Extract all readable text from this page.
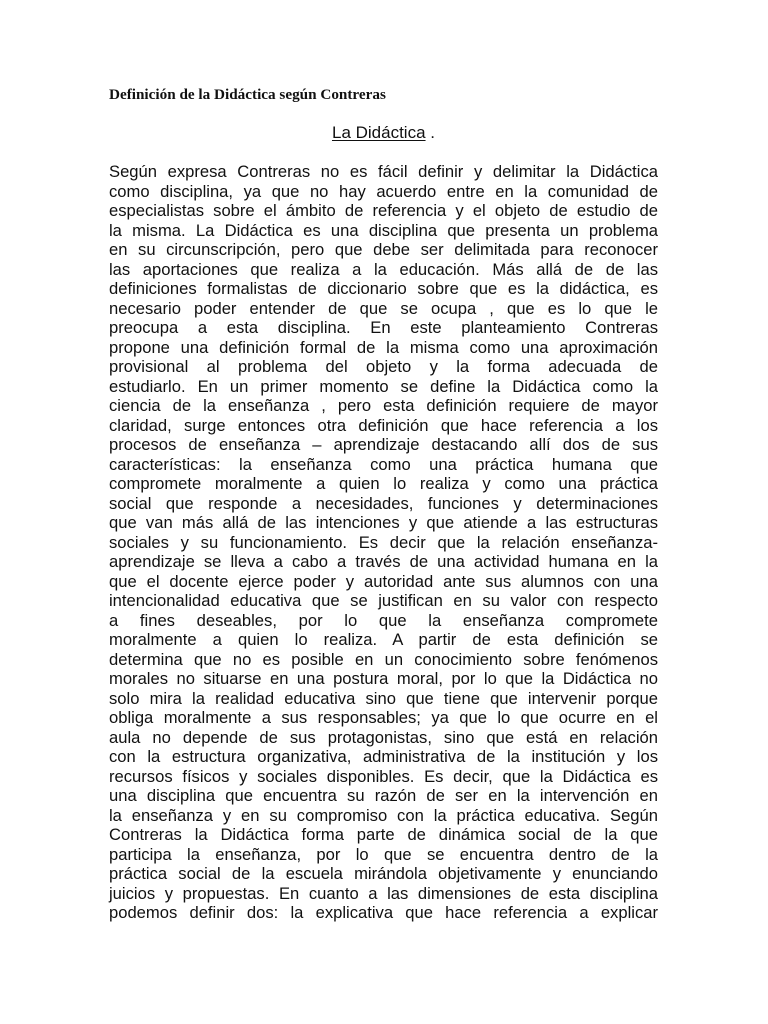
Definición de la Didáctica según Contreras
La Didáctica .
Según expresa Contreras no es fácil definir y delimitar la Didáctica
como disciplina, ya que no hay acuerdo entre en la comunidad de
especialistas sobre el ámbito de referencia y el objeto de estudio de
la misma. La Didáctica es una disciplina que presenta un problema
en su circunscripción, pero que debe ser delimitada para reconocer
las aportaciones que realiza a la educación. Más allá de de las
definiciones formalistas de diccionario sobre que es la didáctica, es
necesario poder entender de que se ocupa , que es lo que le
preocupa a esta disciplina. En este planteamiento Contreras
propone una definición formal de la misma como una aproximación
provisional al problema del objeto y la forma adecuada de
estudiarlo. En un primer momento se define la Didáctica como la
ciencia de la enseñanza , pero esta definición requiere de mayor
claridad, surge entonces otra definición que hace referencia a los
procesos de enseñanza – aprendizaje destacando allí dos de sus
características: la enseñanza como una práctica humana que
compromete moralmente a quien lo realiza y como una práctica
social que responde a necesidades, funciones y determinaciones
que van más allá de las intenciones y que atiende a las estructuras
sociales y su funcionamiento. Es decir que la relación enseñanza-
aprendizaje se lleva a cabo a través de una actividad humana en la
que el docente ejerce poder y autoridad ante sus alumnos con una
intencionalidad educativa que se justifican en su valor con respecto
a fines deseables, por lo que la enseñanza compromete
moralmente a quien lo realiza. A partir de esta definición se
determina que no es posible en un conocimiento sobre fenómenos
morales no situarse en una postura moral, por lo que la Didáctica no
solo mira la realidad educativa sino que tiene que intervenir porque
obliga moralmente a sus responsables; ya que lo que ocurre en el
aula no depende de sus protagonistas, sino que está en relación
con la estructura organizativa, administrativa de la institución y los
recursos físicos y sociales disponibles. Es decir, que la Didáctica es
una disciplina que encuentra su razón de ser en la intervención en
la enseñanza y en su compromiso con la práctica educativa. Según
Contreras la Didáctica forma parte de dinámica social de la que
participa la enseñanza, por lo que se encuentra dentro de la
práctica social de la escuela mirándola objetivamente y enunciando
juicios y propuestas. En cuanto a las dimensiones de esta disciplina
podemos definir dos: la explicativa que hace referencia a explicar
